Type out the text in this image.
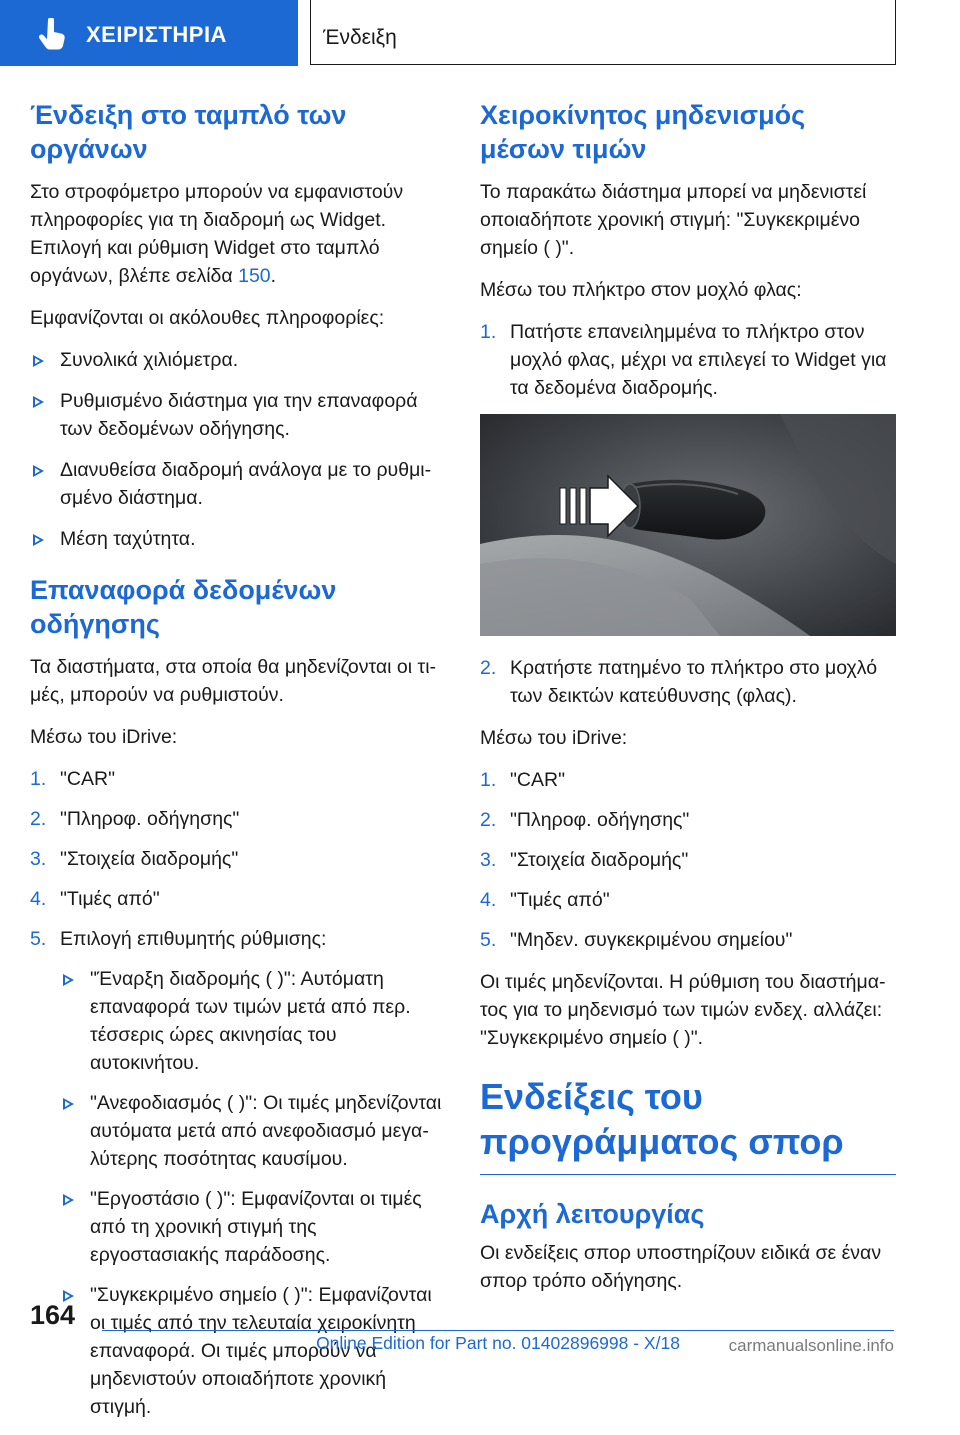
ΧΕΙΡΙΣΤΗΡΙΑ	Ένδειξη
Ένδειξη στο ταμπλό των οργάνων

Στο στροφόμετρο μπορούν να εμφανιστούν πληροφορίες για τη διαδρομή ως Widget. Επιλογή και ρύθμιση Widget στο ταμπλό οργάνων, βλέπε σελίδα 150.

Εμφανίζονται οι ακόλουθες πληροφορίες:

Συνολικά χιλιόμετρα.
Ρυθμισμένο διάστημα για την επαναφορά των δεδομένων οδήγησης.
Διανυθείσα διαδρομή ανάλογα με το ρυθμισμένο διάστημα.
Μέση ταχύτητα.
Επαναφορά δεδομένων οδήγησης

Τα διαστήματα, στα οποία θα μηδενίζονται οι τιμές, μπορούν να ρυθμιστούν.

Μέσω του iDrive:

1. "CAR"
2. "Πληροφ. οδήγησης"
3. "Στοιχεία διαδρομής"
4. "Τιμές από"
5. Επιλογή επιθυμητής ρύθμισης:
"Έναρξη διαδρομής ( )": Αυτόματη επαναφορά των τιμών μετά από περ. τέσσερις ώρες ακινησίας του αυτοκινήτου.
"Ανεφοδιασμός ( )": Οι τιμές μηδενίζονται αυτόματα μετά από ανεφοδιασμό μεγαλύτερης ποσότητας καυσίμου.
"Εργοστάσιο ( )": Εμφανίζονται οι τιμές από τη χρονική στιγμή της εργοστασιακής παράδοσης.
"Συγκεκριμένο σημείο ( )": Εμφανίζονται οι τιμές από την τελευταία χειροκίνητη επαναφορά. Οι τιμές μπορούν να μηδενιστούν οποιαδήποτε χρονική στιγμή.
Χειροκίνητος μηδενισμός μέσων τιμών

Το παρακάτω διάστημα μπορεί να μηδενιστεί οποιαδήποτε χρονική στιγμή: "Συγκεκριμένο σημείο ( )".

Μέσω του πλήκτρο στον μοχλό φλας:

1. Πατήστε επανειλημμένα το πλήκτρο στον μοχλό φλας, μέχρι να επιλεγεί το Widget για τα δεδομένα διαδρομής.
2. Κρατήστε πατημένο το πλήκτρο στο μοχλό των δεικτών κατεύθυνσης (φλας).

Μέσω του iDrive:

1. "CAR"
2. "Πληροφ. οδήγησης"
3. "Στοιχεία διαδρομής"
4. "Τιμές από"
5. "Μηδεν. συγκεκριμένου σημείου"

Οι τιμές μηδενίζονται. Η ρύθμιση του διαστήματος για το μηδενισμό των τιμών ενδεχ. αλλάζει: "Συγκεκριμένο σημείο ( )".

Ενδείξεις του προγράμματος σπορ
Αρχή λειτουργίας

Οι ενδείξεις σπορ υποστηρίζουν ειδικά σε έναν σπορ τρόπο οδήγησης.

164
Online Edition for Part no. 01402896998 - X/18	carmanualsonline.info
